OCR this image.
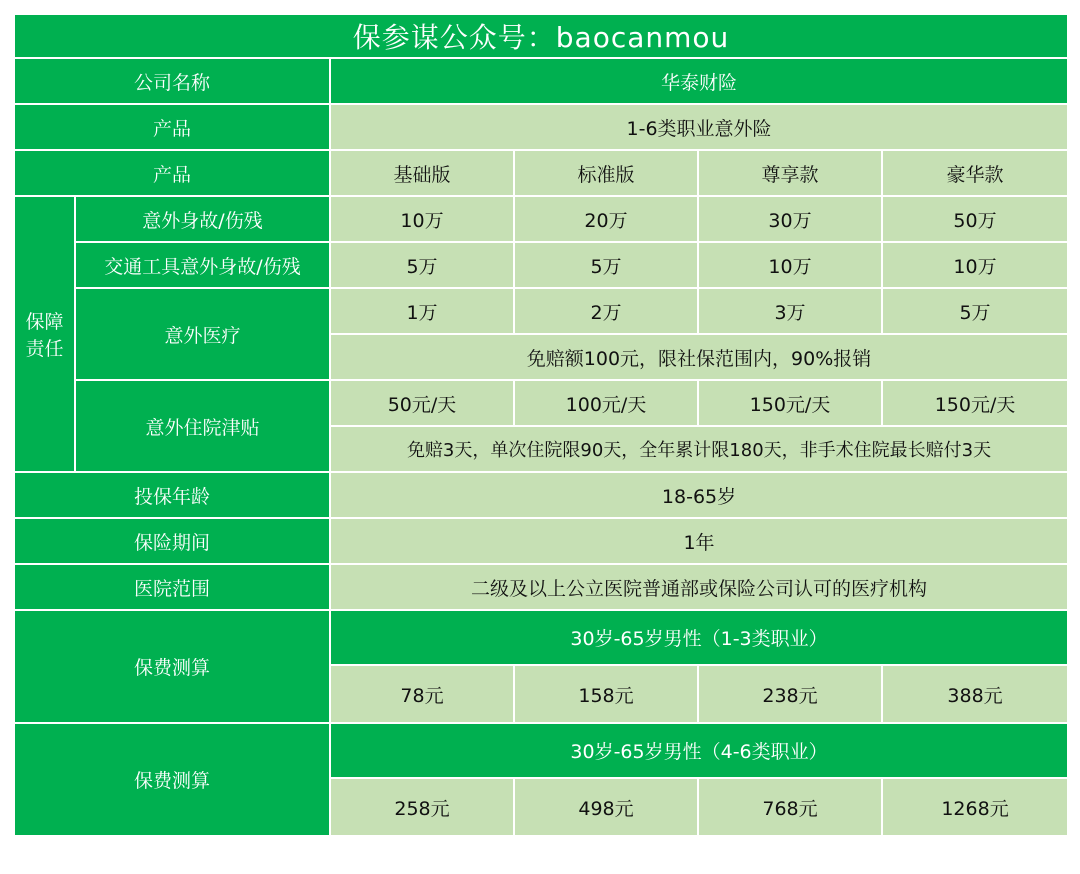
保参谋公众号：baocanmou					
公司名称		华泰财险			
产品		1-6类职业意外险			
产品		基础版	标准版	尊享款	豪华款
保障
责任	意外身故/伤残	10万	20万	30万	50万
	交通工具意外身故/伤残	5万	5万	10万	10万
	意外医疗	1万	2万	3万	5万
		免赔额100元，限社保范围内，90%报销			
	意外住院津贴	50元/天	100元/天	150元/天	150元/天
		免赔3天，单次住院限90天，全年累计限180天，非手术住院最长赔付3天			
投保年龄		18-65岁			
保险期间		1年			
医院范围		二级及以上公立医院普通部或保险公司认可的医疗机构			
保费测算		30岁-65岁男性（1-3类职业）			
		78元	158元	238元	388元
保费测算		30岁-65岁男性（4-6类职业）			
		258元	498元	768元	1268元
